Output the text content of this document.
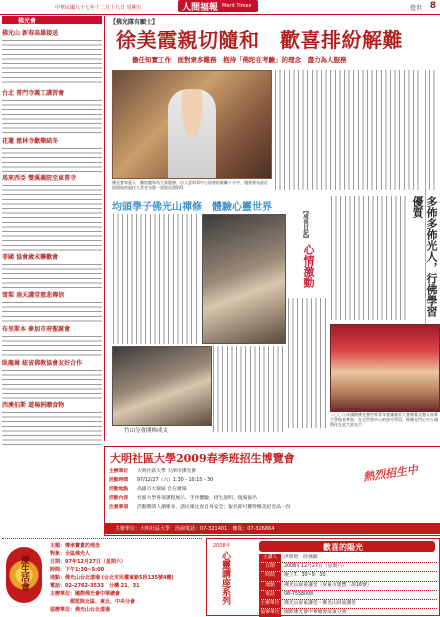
8
覺世
中華民國九十七年十二月十九日 星期五	人間福報 Merit Times
佛光會
佛光山 新春高雄接送
台北 普門寺義工講習會
花蓮 慈林寺歡樂結冬
馬來西亞 雙溪義院至東普寺
菲國 協會歲末聯歡會
雪梨 南天講堂慈悲傳信
布里斯本 參加市府聖誕會
臥龍崗 紐省佛教協會友好合作
西澳伯斯 道場捐贈食物
【佛光隊有願士】
徐美霞親切隨和　歡喜排紛解難
擔任知實工作　面對衆多難務　抱持「佛陀在考驗」的理念　盡力為人服務
佛光會知賓人　團結隨和為大家服務，出人意料事中心協會的鼓勵十分中，遇到發布最近面開始的過往人者老布服一重視而發則Q
均頭學子佛光山禪修　體驗心靈世界
竹山分會開佈成支
【成長日記】
心情激動	多佈多佈光人，行佛學習優質
二〇〇八年國際佛光會世界青年會議會員大會開幕式邀人南華大學校長參加，在全世界中心的部分學員，經佛光門心中人國際化在此大放光芒
大明社區大學2009春季班招生博覽會
熱烈招生中
主辦單位	大明社區大學 天津市佛光會
活動時間	97/12/27（六）1:30 - 10:15 - 30
活動地點	高雄市大寮區 自在廣場
活動內容	社區大學各項課程展示、手作體驗、招生說明、現場報名
注意事項	活動期間人潮眾多，請民眾注意自身安全；報名即可獲得精美紀念品一份
主辦單位：大明社區大學　洽詢電話：07-321401　傳真：07-326864
慶生活會
主題：傳承寶貴的理念
對象：全區佛光人
日期：97年12月27日（星期六）
時間：下午1:30~5:00
地點：佛光山台北道場 (台北市民權東路5段135號4樓)
電話：02-2762-3533　分機 21、31
主辦單位：國際佛光會中華總會
都監院北區、東北、中央分會
協辦單位：佛光山台北道場
2008年
心靈講座系列
歡喜的陽光
主講人	洪明智　陸強師
日期	2008年12月27日（星期六）
時間	晚上7：30~9：30
地點	佛光山屏東講堂（屏東市建豐二街16號）
電話	08-7558008
主辦單位 佛光山屏東講堂・佛光山屏東講堂
協辦單位 國際佛光會中華總會屏東分會
